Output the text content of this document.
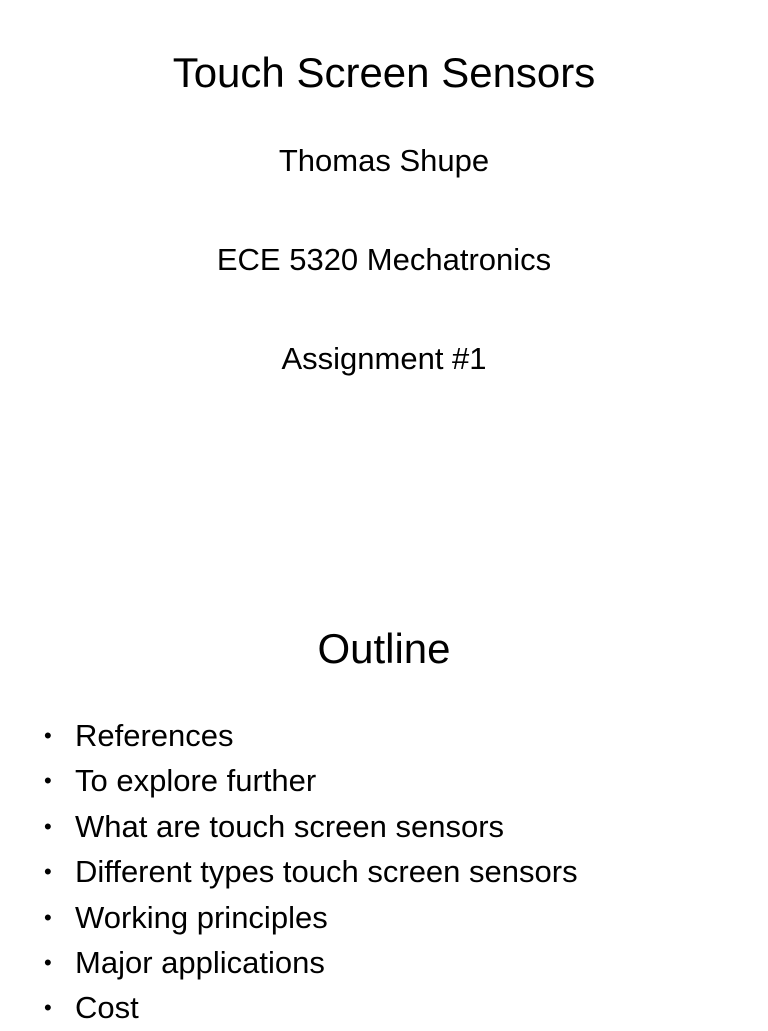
Touch Screen Sensors
Thomas Shupe
ECE 5320 Mechatronics
Assignment #1
Outline
• References
• To explore further
• What are touch screen sensors
• Different types touch screen sensors
• Working principles
• Major applications
• Cost
